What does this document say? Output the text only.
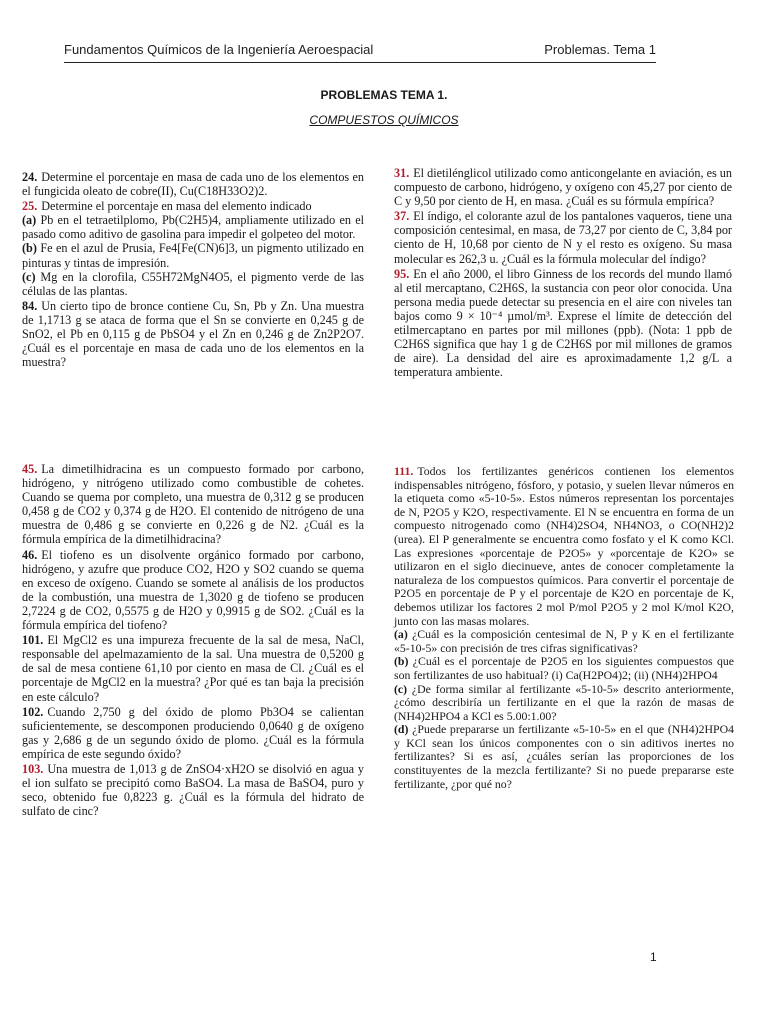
Fundamentos Químicos de la Ingeniería Aeroespacial	Problemas. Tema 1
PROBLEMAS TEMA 1.
COMPUESTOS QUÍMICOS

24. Determine el porcentaje en masa de cada uno de los elementos en el fungicida oleato de cobre(II), Cu(C18H33O2)2.

25. Determine el porcentaje en masa del elemento indicado
(a) Pb en el tetraetilplomo, Pb(C2H5)4, ampliamente utilizado en el pasado como aditivo de gasolina para impedir el golpeteo del motor.
(b) Fe en el azul de Prusia, Fe4[Fe(CN)6]3, un pigmento utilizado en pinturas y tintas de impresión.
(c) Mg en la clorofila, C55H72MgN4O5, el pigmento verde de las células de las plantas.

84. Un cierto tipo de bronce contiene Cu, Sn, Pb y Zn. Una muestra de 1,1713 g se ataca de forma que el Sn se convierte en 0,245 g de SnO2, el Pb en 0,115 g de PbSO4 y el Zn en 0,246 g de Zn2P2O7. ¿Cuál es el porcentaje en masa de cada uno de los elementos en la muestra?

31. El dietilénglicol utilizado como anticongelante en aviación, es un compuesto de carbono, hidrógeno, y oxígeno con 45,27 por ciento de C y 9,50 por ciento de H, en masa. ¿Cuál es su fórmula empírica?

37. El índigo, el colorante azul de los pantalones vaqueros, tiene una composición centesimal, en masa, de 73,27 por ciento de C, 3,84 por ciento de H, 10,68 por ciento de N y el resto es oxígeno. Su masa molecular es 262,3 u. ¿Cuál es la fórmula molecular del índigo?

95. En el año 2000, el libro Ginness de los records del mundo llamó al etil mercaptano, C2H6S, la sustancia con peor olor conocida. Una persona media puede detectar su presencia en el aire con niveles tan bajos como 9 × 10⁻⁴ µmol/m³. Exprese el límite de detección del etilmercaptano en partes por mil millones (ppb). (Nota: 1 ppb de C2H6S significa que hay 1 g de C2H6S por mil millones de gramos de aire). La densidad del aire es aproximadamente 1,2 g/L a temperatura ambiente.

45. La dimetilhidracina es un compuesto formado por carbono, hidrógeno, y nitrógeno utilizado como combustible de cohetes. Cuando se quema por completo, una muestra de 0,312 g se producen 0,458 g de CO2 y 0,374 g de H2O. El contenido de nitrógeno de una muestra de 0,486 g se convierte en 0,226 g de N2. ¿Cuál es la fórmula empírica de la dimetilhidracina?

46. El tiofeno es un disolvente orgánico formado por carbono, hidrógeno, y azufre que produce CO2, H2O y SO2 cuando se quema en exceso de oxígeno. Cuando se somete al análisis de los productos de la combustión, una muestra de 1,3020 g de tiofeno se producen 2,7224 g de CO2, 0,5575 g de H2O y 0,9915 g de SO2. ¿Cuál es la fórmula empírica del tiofeno?

101. El MgCl2 es una impureza frecuente de la sal de mesa, NaCl, responsable del apelmazamiento de la sal. Una muestra de 0,5200 g de sal de mesa contiene 61,10 por ciento en masa de Cl. ¿Cuál es el porcentaje de MgCl2 en la muestra? ¿Por qué es tan baja la precisión en este cálculo?

102. Cuando 2,750 g del óxido de plomo Pb3O4 se calientan suficientemente, se descomponen produciendo 0,0640 g de oxígeno gas y 2,686 g de un segundo óxido de plomo. ¿Cuál es la fórmula empírica de este segundo óxido?

103. Una muestra de 1,013 g de ZnSO4·xH2O se disolvió en agua y el ion sulfato se precipitó como BaSO4. La masa de BaSO4, puro y seco, obtenido fue 0,8223 g. ¿Cuál es la fórmula del hidrato de sulfato de cinc?

111. Todos los fertilizantes genéricos contienen los elementos indispensables nitrógeno, fósforo, y potasio, y suelen llevar números en la etiqueta como «5-10-5». Estos números representan los porcentajes de N, P2O5 y K2O, respectivamente. El N se encuentra en forma de un compuesto nitrogenado como (NH4)2SO4, NH4NO3, o CO(NH2)2 (urea). El P generalmente se encuentra como fosfato y el K como KCl. Las expresiones «porcentaje de P2O5» y «porcentaje de K2O» se utilizaron en el siglo diecinueve, antes de conocer completamente la naturaleza de los compuestos químicos. Para convertir el porcentaje de P2O5 en porcentaje de P y el porcentaje de K2O en porcentaje de K, debemos utilizar los factores 2 mol P/mol P2O5 y 2 mol K/mol K2O, junto con las masas molares.
(a) ¿Cuál es la composición centesimal de N, P y K en el fertilizante «5-10-5» con precisión de tres cifras significativas?
(b) ¿Cuál es el porcentaje de P2O5 en los siguientes compuestos que son fertilizantes de uso habitual? (i) Ca(H2PO4)2; (ii) (NH4)2HPO4
(c) ¿De forma similar al fertilizante «5-10-5» descrito anteriormente, ¿cómo describiría un fertilizante en el que la razón de masas de (NH4)2HPO4 a KCl es 5.00:1.00?
(d) ¿Puede prepararse un fertilizante «5-10-5» en el que (NH4)2HPO4 y KCl sean los únicos componentes con o sin aditivos inertes no fertilizantes? Si es así, ¿cuáles serían las proporciones de los constituyentes de la mezcla fertilizante? Si no puede prepararse este fertilizante, ¿por qué no?

1
